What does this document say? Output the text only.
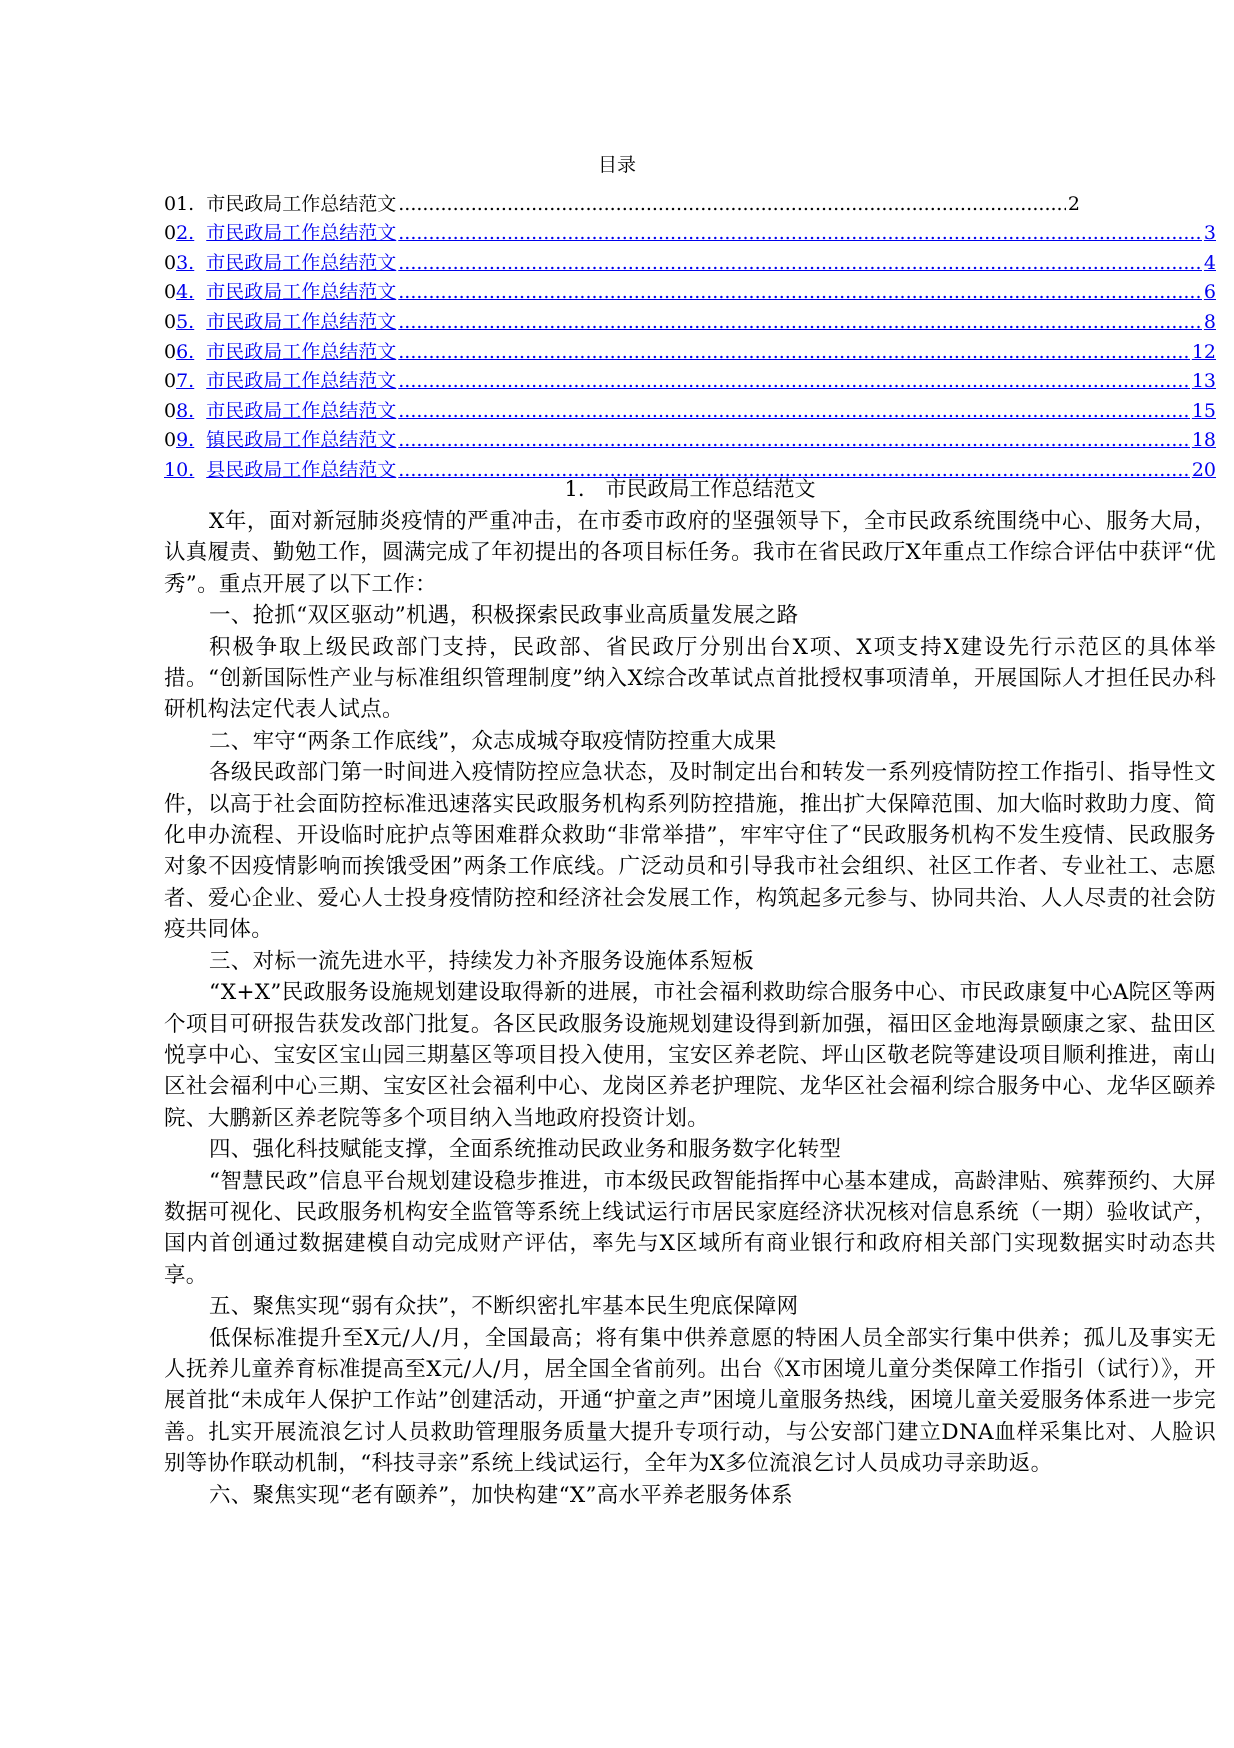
目录
01. 市民政局工作总结范文 .....	2
02. 市民政局工作总结范文 .....	3
03. 市民政局工作总结范文 .....	4
04. 市民政局工作总结范文 .....	6
05. 市民政局工作总结范文 .....	8
06. 市民政局工作总结范文 .....	12
07. 市民政局工作总结范文 .....	13
08. 市民政局工作总结范文 .....	15
09. 镇民政局工作总结范文 .....	18
10. 县民政局工作总结范文 .....	20
1.　市民政局工作总结范文

X年，面对新冠肺炎疫情的严重冲击，在市委市政府的坚强领导下，全市民政系统围绕中心、服务大局，认真履责、勤勉工作，圆满完成了年初提出的各项目标任务。我市在省民政厅X年重点工作综合评估中获评“优秀”。重点开展了以下工作：

一、抢抓“双区驱动”机遇，积极探索民政事业高质量发展之路

积极争取上级民政部门支持，民政部、省民政厅分别出台X项、X项支持X建设先行示范区的具体举措。“创新国际性产业与标准组织管理制度”纳入X综合改革试点首批授权事项清单，开展国际人才担任民办科研机构法定代表人试点。

二、牢守“两条工作底线”，众志成城夺取疫情防控重大成果

各级民政部门第一时间进入疫情防控应急状态，及时制定出台和转发一系列疫情防控工作指引、指导性文件，以高于社会面防控标准迅速落实民政服务机构系列防控措施，推出扩大保障范围、加大临时救助力度、简化申办流程、开设临时庇护点等困难群众救助“非常举措”，牢牢守住了“民政服务机构不发生疫情、民政服务对象不因疫情影响而挨饿受困”两条工作底线。广泛动员和引导我市社会组织、社区工作者、专业社工、志愿者、爱心企业、爱心人士投身疫情防控和经济社会发展工作，构筑起多元参与、协同共治、人人尽责的社会防疫共同体。

三、对标一流先进水平，持续发力补齐服务设施体系短板

“X+X”民政服务设施规划建设取得新的进展，市社会福利救助综合服务中心、市民政康复中心A院区等两个项目可研报告获发改部门批复。各区民政服务设施规划建设得到新加强，福田区金地海景颐康之家、盐田区悦享中心、宝安区宝山园三期墓区等项目投入使用，宝安区养老院、坪山区敬老院等建设项目顺利推进，南山区社会福利中心三期、宝安区社会福利中心、龙岗区养老护理院、龙华区社会福利综合服务中心、龙华区颐养院、大鹏新区养老院等多个项目纳入当地政府投资计划。

四、强化科技赋能支撑，全面系统推动民政业务和服务数字化转型

“智慧民政”信息平台规划建设稳步推进，市本级民政智能指挥中心基本建成，高龄津贴、殡葬预约、大屏数据可视化、民政服务机构安全监管等系统上线试运行市居民家庭经济状况核对信息系统（一期）验收试产，国内首创通过数据建模自动完成财产评估，率先与X区域所有商业银行和政府相关部门实现数据实时动态共享。

五、聚焦实现“弱有众扶”，不断织密扎牢基本民生兜底保障网

低保标准提升至X元/人/月，全国最高；将有集中供养意愿的特困人员全部实行集中供养；孤儿及事实无人抚养儿童养育标准提高至X元/人/月，居全国全省前列。出台《X市困境儿童分类保障工作指引（试行）》，开展首批“未成年人保护工作站”创建活动，开通“护童之声”困境儿童服务热线，困境儿童关爱服务体系进一步完善。扎实开展流浪乞讨人员救助管理服务质量大提升专项行动，与公安部门建立DNA血样采集比对、人脸识别等协作联动机制，“科技寻亲”系统上线试运行，全年为X多位流浪乞讨人员成功寻亲助返。

六、聚焦实现“老有颐养”，加快构建“X”高水平养老服务体系
